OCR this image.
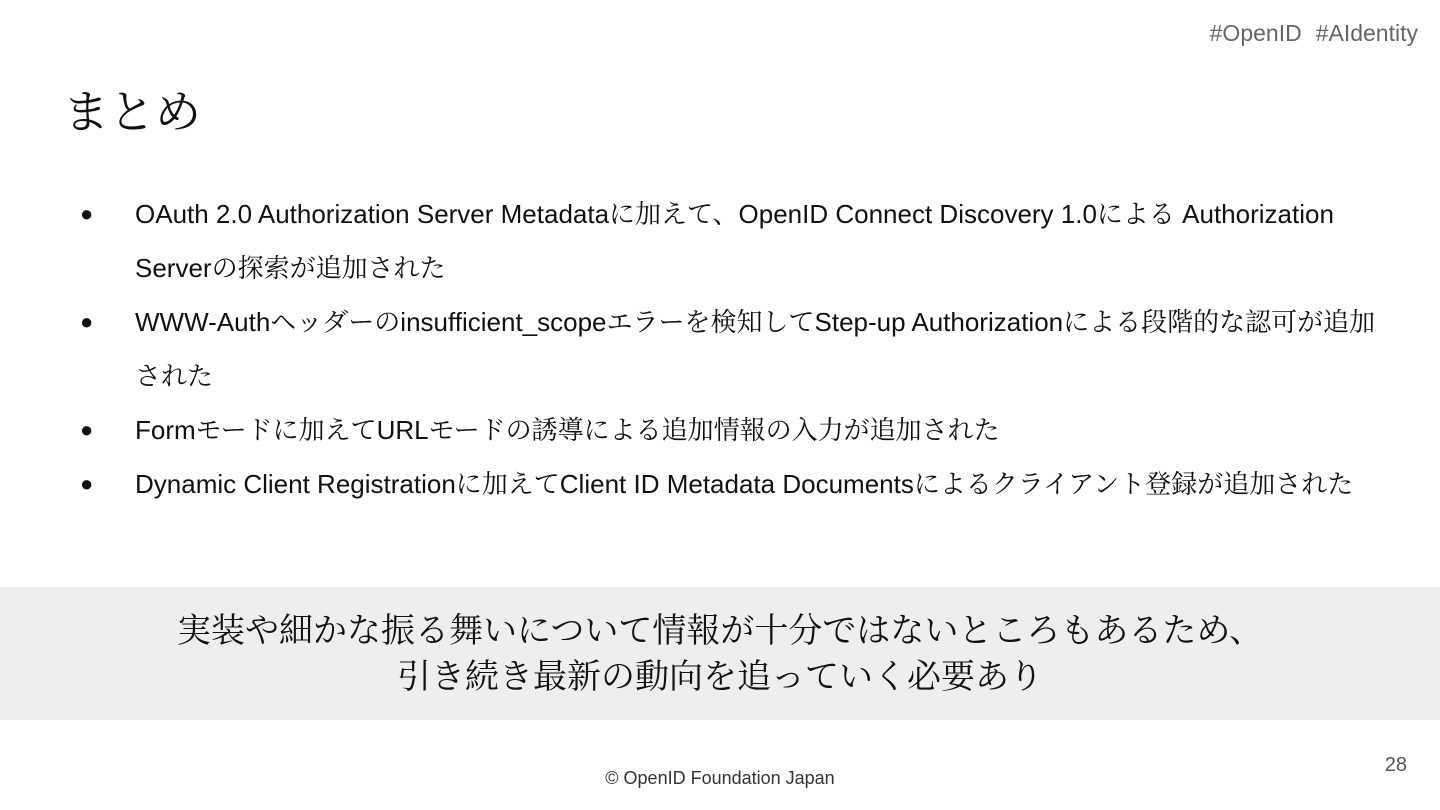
#OpenID #AIdentity
まとめ
● OAuth 2.0 Authorization Server Metadataに加えて、OpenID Connect Discovery 1.0による Authorization Serverの探索が追加された
● WWW-Authヘッダーのinsufficient_scopeエラーを検知してStep-up Authorizationによる段階的な認可が追加された
● Formモードに加えてURLモードの誘導による追加情報の入力が追加された
● Dynamic Client Registrationに加えてClient ID Metadata Documentsによるクライアント登録が追加された
実装や細かな振る舞いについて情報が十分ではないところもあるため、
引き続き最新の動向を追っていく必要あり
© OpenID Foundation Japan
28
